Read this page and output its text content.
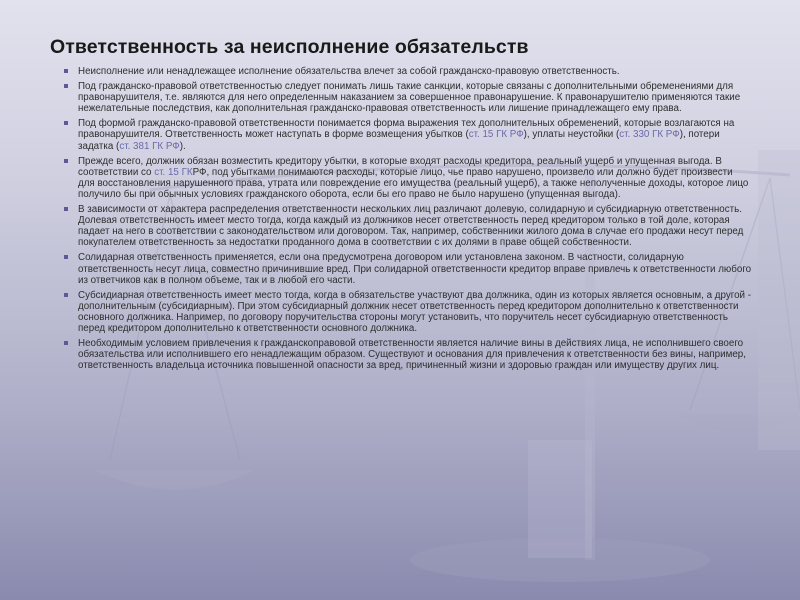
Ответственность за неисполнение обязательств
Неисполнение или ненадлежащее исполнение обязательства влечет за собой гражданско-правовую ответственность.
Под гражданско-правовой ответственностью следует понимать лишь такие санкции, которые связаны с дополнительными обременениями для правонарушителя, т.е. являются для него определенным наказанием за совершенное правонарушение. К правонарушителю применяются такие нежелательные последствия, как дополнительная гражданско-правовая ответственность или лишение принадлежащего ему права.
Под формой гражданско-правовой ответственности понимается форма выражения тех дополнительных обременений, которые возлагаются на правонарушителя. Ответственность может наступать в форме возмещения убытков (ст. 15 ГК РФ), уплаты неустойки (ст. 330 ГК РФ), потери задатка (ст. 381 ГК РФ).
Прежде всего, должник обязан возместить кредитору убытки, в которые входят расходы кредитора, реальный ущерб и упущенная выгода. В соответствии со ст. 15 ГКРФ, под убытками понимаются расходы, которые лицо, чье право нарушено, произвело или должно будет произвести для восстановления нарушенного права, утрата или повреждение его имущества (реальный ущерб), а также неполученные доходы, которое лицо получило бы при обычных условиях гражданского оборота, если бы его право не было нарушено (упущенная выгода).
В зависимости от характера распределения ответственности нескольких лиц различают долевую, солидарную и субсидиарную ответственность. Долевая ответственность имеет место тогда, когда каждый из должников несет ответственность перед кредитором только в той доле, которая падает на него в соответствии с законодательством или договором. Так, например, собственники жилого дома в случае его продажи несут перед покупателем ответственность за недостатки проданного дома в соответствии с их долями в праве общей собственности.
Солидарная ответственность применяется, если она предусмотрена договором или установлена законом. В частности, солидарную ответственность несут лица, совместно причинившие вред. При солидарной ответственности кредитор вправе привлечь к ответственности любого из ответчиков как в полном объеме, так и в любой его части.
Субсидиарная ответственность имеет место тогда, когда в обязательстве участвуют два должника, один из которых является основным, а другой - дополнительным (субсидиарным). При этом субсидиарный должник несет ответственность перед кредитором дополнительно к ответственности основного должника. Например, по договору поручительства стороны могут установить, что поручитель несет субсидиарную ответственность перед кредитором дополнительно к ответственности основного должника.
Необходимым условием привлечения к гражданскоправовой ответственности является наличие вины в действиях лица, не исполнившего своего обязательства или исполнившего его ненадлежащим образом. Существуют и основания для привлечения к ответственности без вины, например, ответственность владельца источника повышенной опасности за вред, причиненный жизни и здоровью граждан или имуществу других лиц.
